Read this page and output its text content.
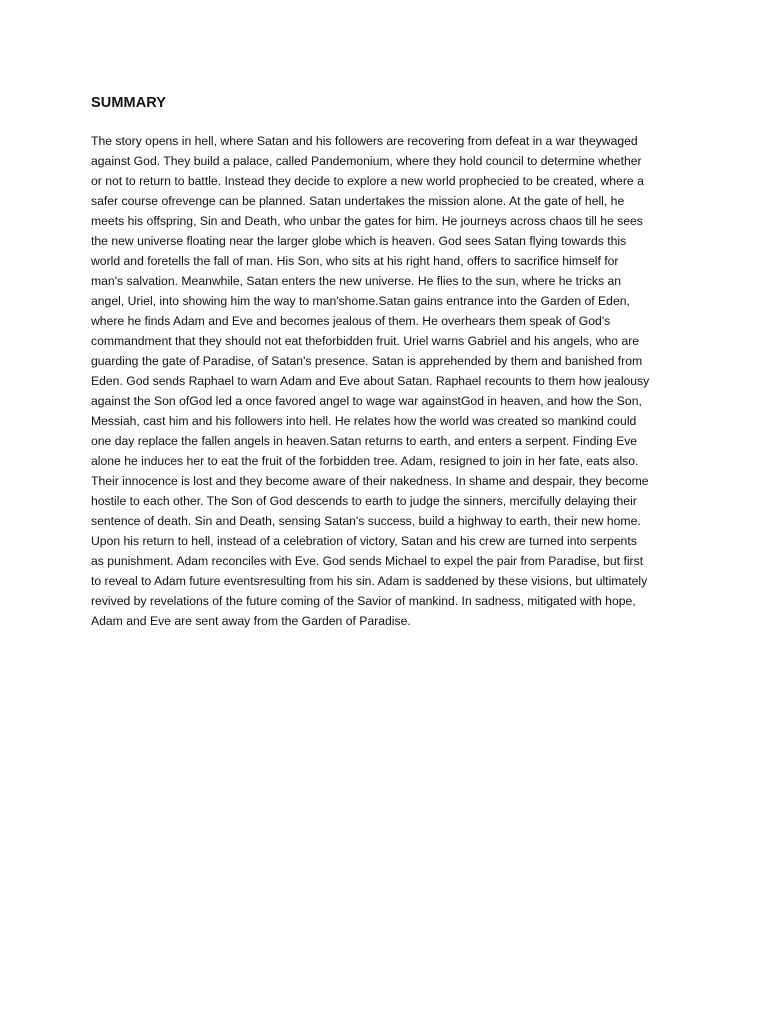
SUMMARY
The story opens in hell, where Satan and his followers are recovering from defeat in a war theywaged
against God. They build a palace, called Pandemonium, where they hold council to determine whether
or not to return to battle. Instead they decide to explore a new world prophecied to be created, where a
safer course ofrevenge can be planned. Satan undertakes the mission alone. At the gate of hell, he
meets his offspring, Sin and Death, who unbar the gates for him. He journeys across chaos till he sees
the new universe floating near the larger globe which is heaven. God sees Satan flying towards this
world and foretells the fall of man. His Son, who sits at his right hand, offers to sacrifice himself for
man's salvation. Meanwhile, Satan enters the new universe. He flies to the sun, where he tricks an
angel, Uriel, into showing him the way to man'shome.Satan gains entrance into the Garden of Eden,
where he finds Adam and Eve and becomes jealous of them. He overhears them speak of God's
commandment that they should not eat theforbidden fruit. Uriel warns Gabriel and his angels, who are
guarding the gate of Paradise, of Satan's presence. Satan is apprehended by them and banished from
Eden. God sends Raphael to warn Adam and Eve about Satan. Raphael recounts to them how jealousy
against the Son ofGod led a once favored angel to wage war againstGod in heaven, and how the Son,
Messiah, cast him and his followers into hell. He relates how the world was created so mankind could
one day replace the fallen angels in heaven.Satan returns to earth, and enters a serpent. Finding Eve
alone he induces her to eat the fruit of the forbidden tree. Adam, resigned to join in her fate, eats also.
Their innocence is lost and they become aware of their nakedness. In shame and despair, they become
hostile to each other. The Son of God descends to earth to judge the sinners, mercifully delaying their
sentence of death. Sin and Death, sensing Satan's success, build a highway to earth, their new home.
Upon his return to hell, instead of a celebration of victory, Satan and his crew are turned into serpents
as punishment. Adam reconciles with Eve. God sends Michael to expel the pair from Paradise, but first
to reveal to Adam future eventsresulting from his sin. Adam is saddened by these visions, but ultimately
revived by revelations of the future coming of the Savior of mankind. In sadness, mitigated with hope,
Adam and Eve are sent away from the Garden of Paradise.
